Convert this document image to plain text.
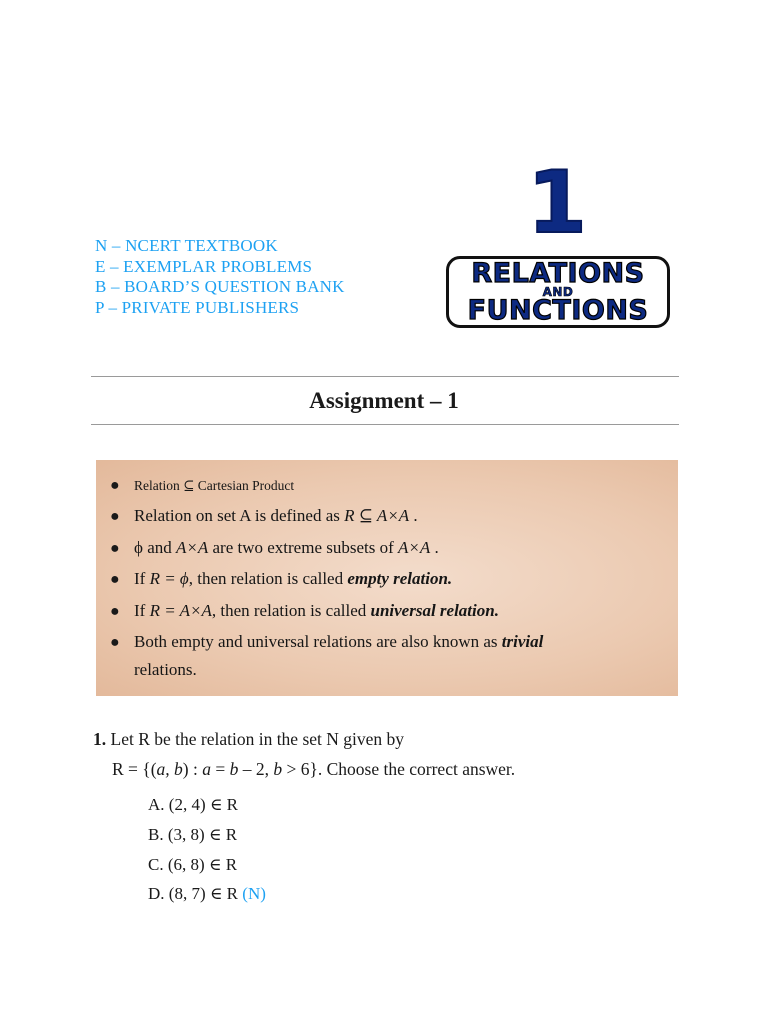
N – NCERT TEXTBOOK
E – EXEMPLAR PROBLEMS
B – BOARD’S QUESTION BANK
P – PRIVATE PUBLISHERS
1
RELATIONS
AND
FUNCTIONS
Assignment – 1
●	Relation ⊆ Cartesian Product
● Relation on set A is defined as R ⊆ A×A .
● ϕ and A×A are two extreme subsets of A×A .
● If R = ϕ, then relation is called empty relation.
● If R = A×A, then relation is called universal relation.
● Both empty and universal relations are also known as trivial
relations.
1. Let R be the relation in the set N given by
R = {(a, b) : a = b – 2, b > 6}. Choose the correct answer.
A. (2, 4) ∈ R
B. (3, 8) ∈ R
C. (6, 8) ∈ R
D. (8, 7) ∈ R (N)
